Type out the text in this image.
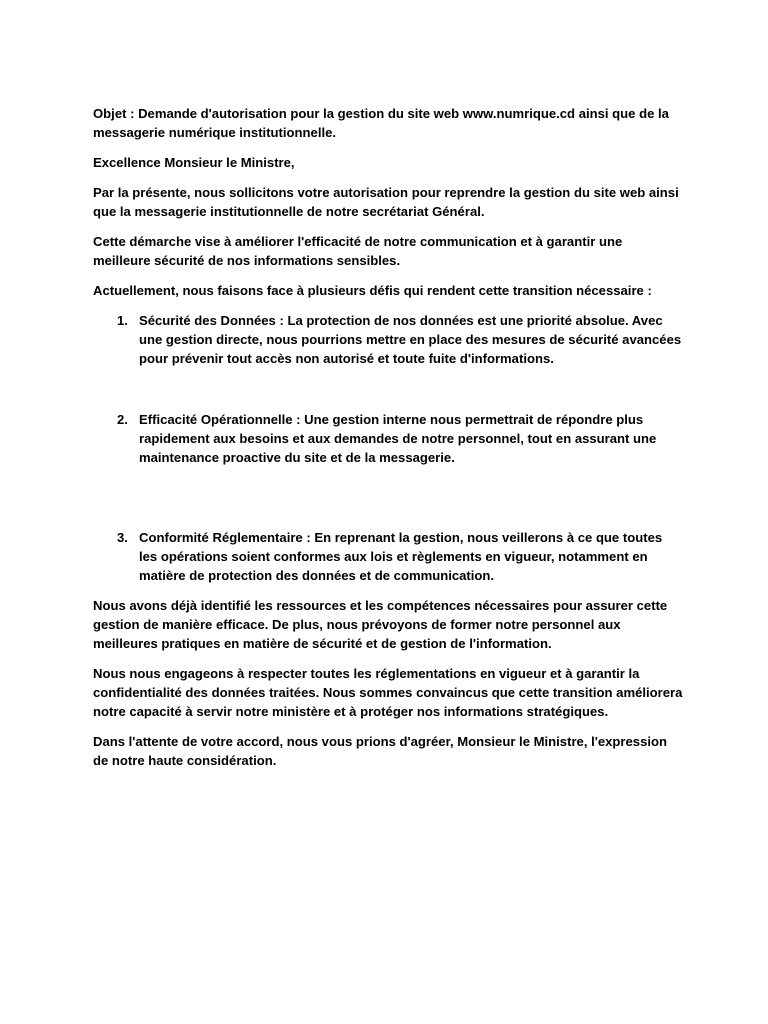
Objet : Demande d'autorisation pour la gestion du site web www.numrique.cd ainsi que de la messagerie numérique institutionnelle.

Excellence Monsieur le Ministre,

Par la présente, nous sollicitons votre autorisation pour reprendre la gestion du site web ainsi que la messagerie institutionnelle de notre secrétariat Général.

Cette démarche vise à améliorer l'efficacité de notre communication et à garantir une meilleure sécurité de nos informations sensibles.

Actuellement, nous faisons face à plusieurs défis qui rendent cette transition nécessaire :

1. Sécurité des Données : La protection de nos données est une priorité absolue. Avec une gestion directe, nous pourrions mettre en place des mesures de sécurité avancées pour prévenir tout accès non autorisé et toute fuite d'informations.
2. Efficacité Opérationnelle : Une gestion interne nous permettrait de répondre plus rapidement aux besoins et aux demandes de notre personnel, tout en assurant une maintenance proactive du site et de la messagerie.
3. Conformité Réglementaire : En reprenant la gestion, nous veillerons à ce que toutes les opérations soient conformes aux lois et règlements en vigueur, notamment en matière de protection des données et de communication.

Nous avons déjà identifié les ressources et les compétences nécessaires pour assurer cette gestion de manière efficace. De plus, nous prévoyons de former notre personnel aux meilleures pratiques en matière de sécurité et de gestion de l'information.

Nous nous engageons à respecter toutes les réglementations en vigueur et à garantir la confidentialité des données traitées. Nous sommes convaincus que cette transition améliorera notre capacité à servir notre ministère et à protéger nos informations stratégiques.

Dans l'attente de votre accord, nous vous prions d'agréer, Monsieur le Ministre, l'expression de notre haute considération.
